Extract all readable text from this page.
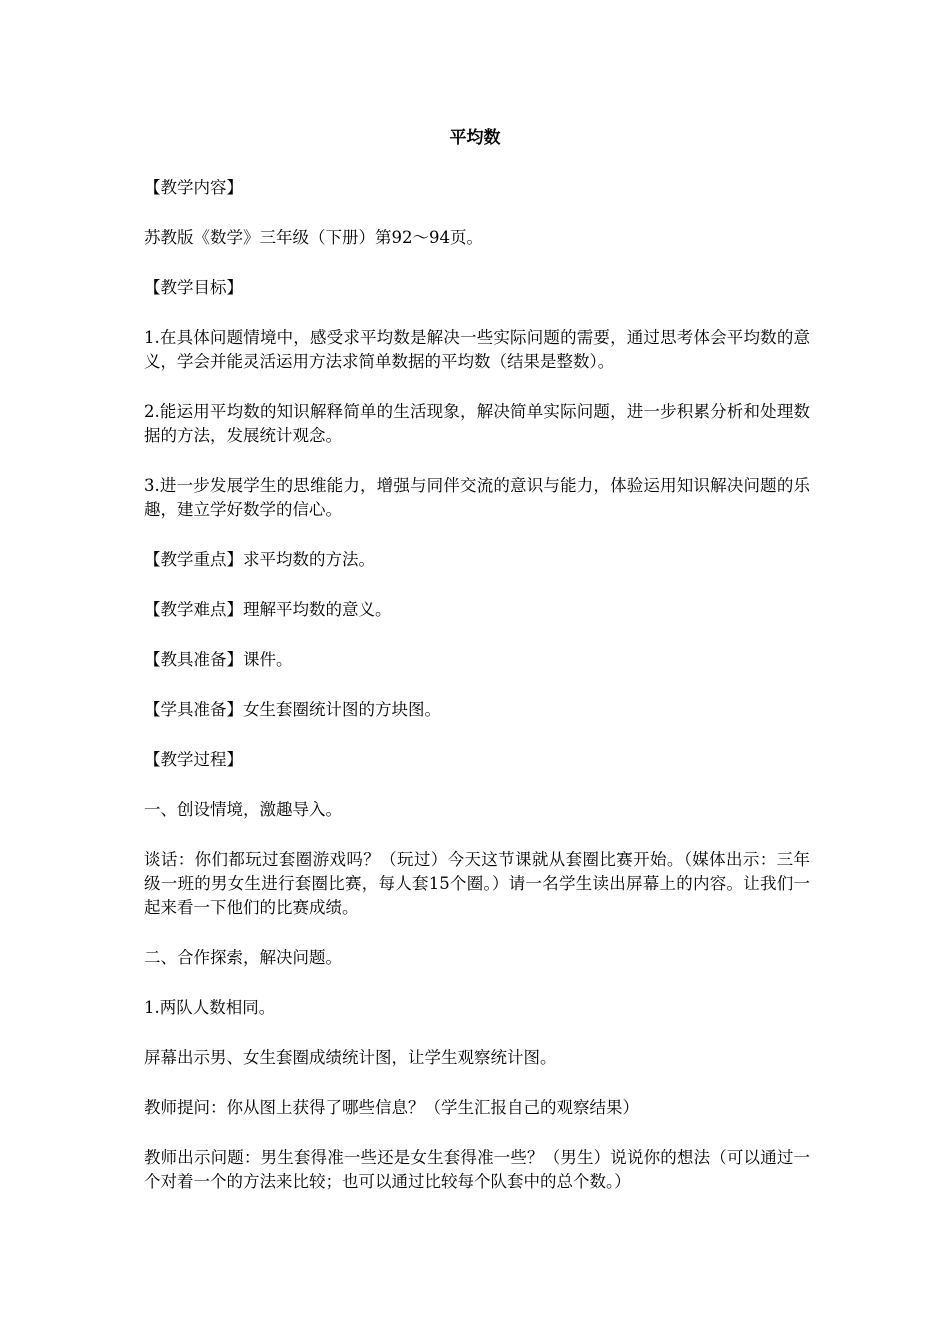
平均数

【教学内容】

苏教版《数学》三年级（下册）第92～94页。

【教学目标】

1.在具体问题情境中，感受求平均数是解决一些实际问题的需要，通过思考体会平均数的意义，学会并能灵活运用方法求简单数据的平均数（结果是整数）。

2.能运用平均数的知识解释简单的生活现象，解决简单实际问题，进一步积累分析和处理数据的方法，发展统计观念。

3.进一步发展学生的思维能力，增强与同伴交流的意识与能力，体验运用知识解决问题的乐趣，建立学好数学的信心。

【教学重点】求平均数的方法。

【教学难点】理解平均数的意义。

【教具准备】课件。

【学具准备】女生套圈统计图的方块图。

【教学过程】

一、创设情境，激趣导入。

谈话：你们都玩过套圈游戏吗？（玩过）今天这节课就从套圈比赛开始。（媒体出示：三年级一班的男女生进行套圈比赛，每人套15个圈。）请一名学生读出屏幕上的内容。让我们一起来看一下他们的比赛成绩。

二、合作探索，解决问题。

1.两队人数相同。

屏幕出示男、女生套圈成绩统计图，让学生观察统计图。

教师提问：你从图上获得了哪些信息？（学生汇报自己的观察结果）

教师出示问题：男生套得准一些还是女生套得准一些？（男生）说说你的想法（可以通过一个对着一个的方法来比较；也可以通过比较每个队套中的总个数。）
